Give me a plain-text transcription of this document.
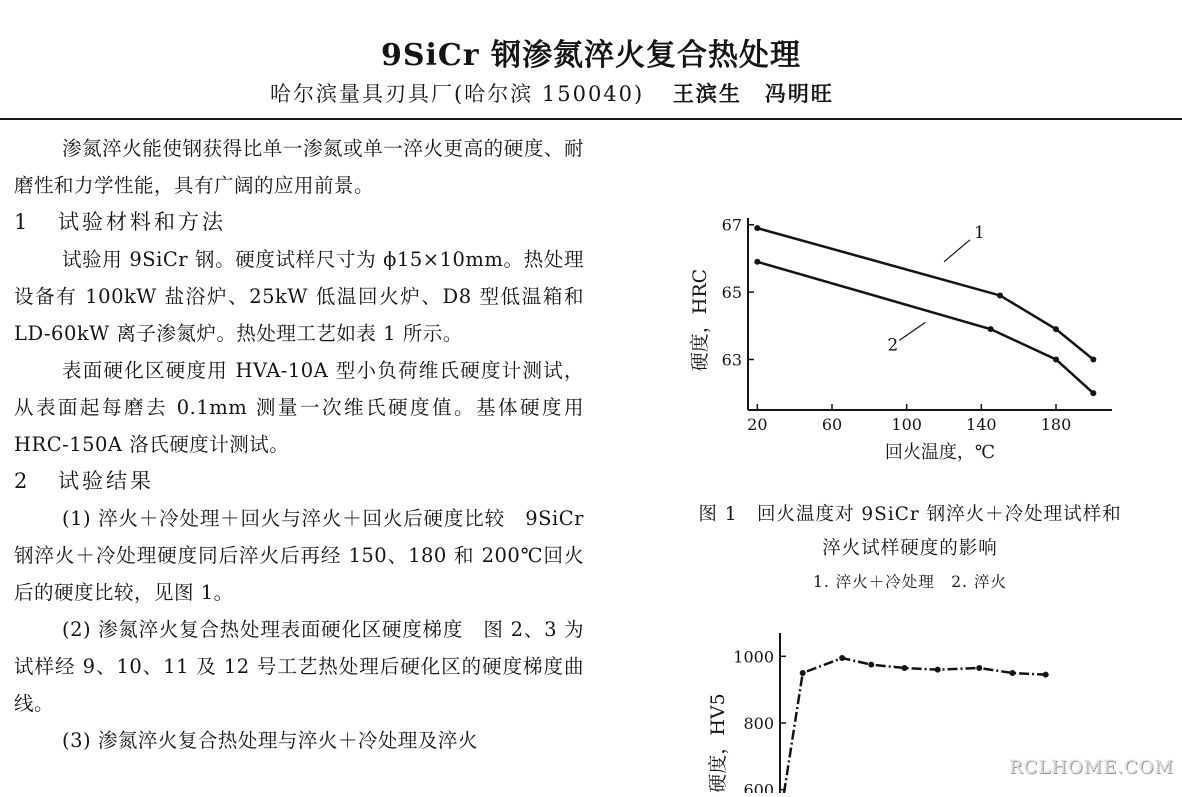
9SiCr 钢渗氮淬火复合热处理
哈尔滨量具刃具厂(哈尔滨 150040) 王滨生　冯明旺

渗氮淬火能使钢获得比单一渗氮或单一淬火更高的硬度、耐磨性和力学性能，具有广阔的应用前景。

1 试验材料和方法

试验用 9SiCr 钢。硬度试样尺寸为 ϕ15×10mm。热处理设备有 100kW 盐浴炉、25kW 低温回火炉、D8 型低温箱和 LD-60kW 离子渗氮炉。热处理工艺如表 1 所示。

表面硬化区硬度用 HVA-10A 型小负荷维氏硬度计测试，从表面起每磨去 0.1mm 测量一次维氏硬度值。基体硬度用 HRC-150A 洛氏硬度计测试。

2 试验结果

(1) 淬火＋冷处理＋回火与淬火＋回火后硬度比较　9SiCr 钢淬火＋冷处理硬度同后淬火后再经 150、180 和 200℃回火后的硬度比较，见图 1。

(2) 渗氮淬火复合热处理表面硬化区硬度梯度　图 2、3 为试样经 9、10、11 及 12 号工艺热处理后硬化区的硬度梯度曲线。

(3) 渗氮淬火复合热处理与淬火＋冷处理及淬火

20	60	100	140	180
63
65
67	1
2
硬度，HRC
回火温度，℃
图 1　回火温度对 9SiCr 钢淬火＋冷处理试样和
淬火试样硬度的影响
1. 淬火＋冷处理　2. 淬火
600
800
1000
硬度，HV5	RCLHOME.COM
